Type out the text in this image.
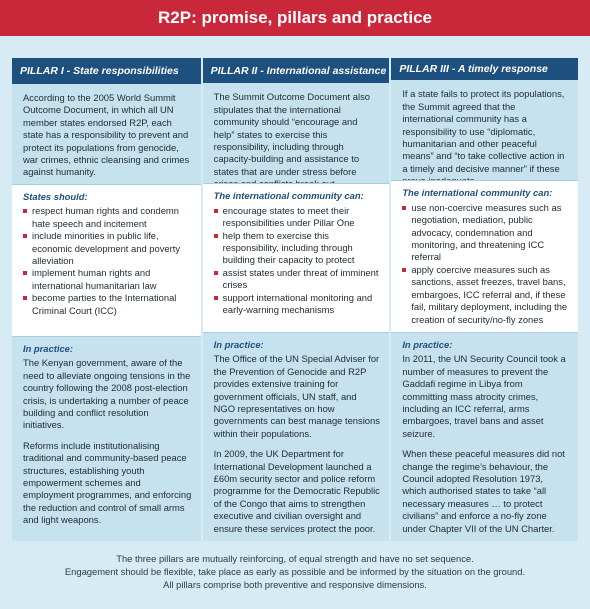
R2P: promise, pillars and practice
PILLAR I - State responsibilities
According to the 2005 World Summit Outcome Document, in which all UN member states endorsed R2P, each state has a responsibility to prevent and protect its populations from genocide, war crimes, ethnic cleansing and crimes against humanity.
States should:
respect human rights and condemn hate speech and incitement
include minorities in public life, economic development and poverty alleviation
implement human rights and international humanitarian law
become parties to the International Criminal Court (ICC)
In practice:

The Kenyan government, aware of the need to alleviate ongoing tensions in the country following the 2008 post-election crisis, is undertaking a number of peace building and conflict resolution initiatives.

Reforms include institutionalising traditional and community-based peace structures, establishing youth empowerment schemes and employment programmes, and enforcing the reduction and control of small arms and light weapons.

PILLAR II - International assistance
The Summit Outcome Document also stipulates that the international community should “encourage and help” states to exercise this responsibility, including through capacity-building and assistance to states that are under stress before
The international community can:
encourage states to meet their responsibilities under Pillar One
help them to exercise this responsibility, including through building their capacity to protect
assist states under threat of imminent crises
support international monitoring and early-warning mechanisms
In practice:

The Office of the UN Special Adviser for the Prevention of Genocide and R2P provides extensive training for government officials, UN staff, and NGO representatives on how governments can best manage tensions within their populations.

In 2009, the UK Department for International Development launched a £60m security sector and police reform programme for the Democratic Republic of the Congo that aims to strengthen executive and civilian oversight and ensure these services protect the poor.

PILLAR III - A timely response
If a state fails to protect its populations, the Summit agreed that the international community has a responsibility to use “diplomatic, humanitarian and other peaceful means” and “to take collective action in a timely and decisive manner” if these
The international community can:
use non-coercive measures such as negotiation, mediation, public advocacy, condemnation and monitoring, and threatening ICC referral
apply coercive measures such as sanctions, asset freezes, travel bans, embargoes, ICC referral and, if these fail, military deployment, including the creation of security/no-fly zones
In practice:

In 2011, the UN Security Council took a number of measures to prevent the Gaddafi regime in Libya from committing mass atrocity crimes, including an ICC referral, arms embargoes, travel bans and asset seizure.

When these peaceful measures did not change the regime’s behaviour, the Council adopted Resolution 1973, which authorised states to take “all necessary measures … to protect civilians” and enforce a no-fly zone under Chapter VII of the UN Charter.

The three pillars are mutually reinforcing, of equal strength and have no set sequence.
Engagement should be flexible, take place as early as possible and be informed by the situation on the ground.
All pillars comprise both preventive and responsive dimensions.
